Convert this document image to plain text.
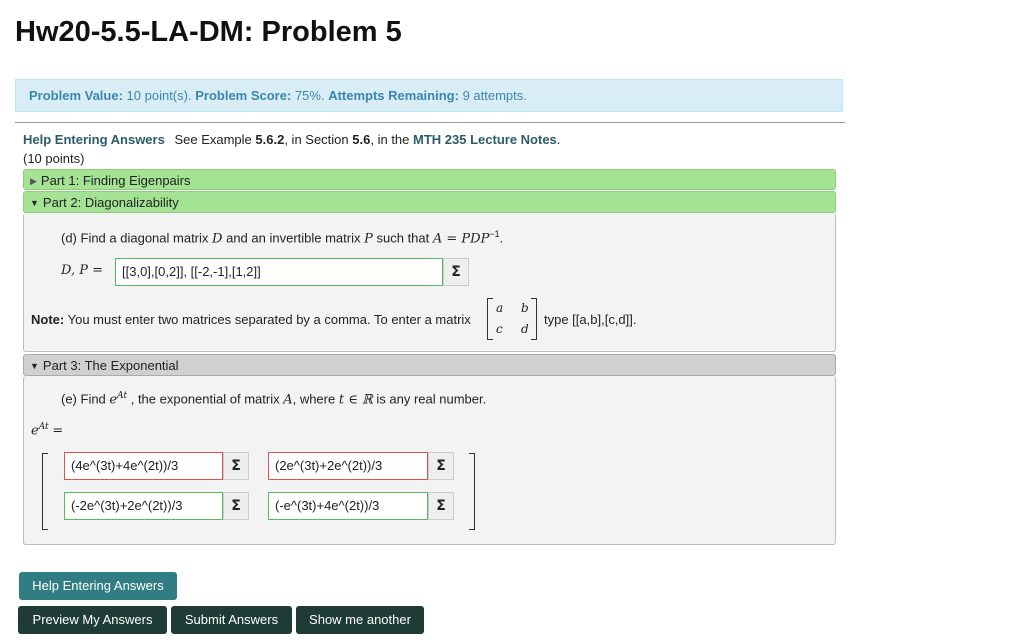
Hw20-5.5-LA-DM: Problem 5
Problem Value: 10 point(s). Problem Score: 75%. Attempts Remaining: 9 attempts.
Help Entering Answers See Example 5.6.2, in Section 5.6, in the MTH 235 Lecture Notes.
(10 points)
▶ Part 1: Finding Eigenpairs
▼ Part 2: Diagonalizability
(d) Find a diagonal matrix D and an invertible matrix P such that $A = PDP^{-1}$.
D, P =	[[3,0],[0,2]], [[-2,-1],[1,2]]	Σ
Note: You must enter two matrices separated by a comma. To enter a matrix
a b
c d
type [[a,b],[c,d]].
▼ Part 3: The Exponential
(e) Find $e^{At}$ , the exponential of matrix A, where t ∈ ℝ is any real number.
$e^{At}$ =
(4e^(3t)+4e^(2t))/3	Σ	(2e^(3t)+2e^(2t))/3	Σ
(-2e^(3t)+2e^(2t))/3	Σ	(-e^(3t)+4e^(2t))/3	Σ
Help Entering Answers
Preview My Answers	Submit Answers	Show me another
